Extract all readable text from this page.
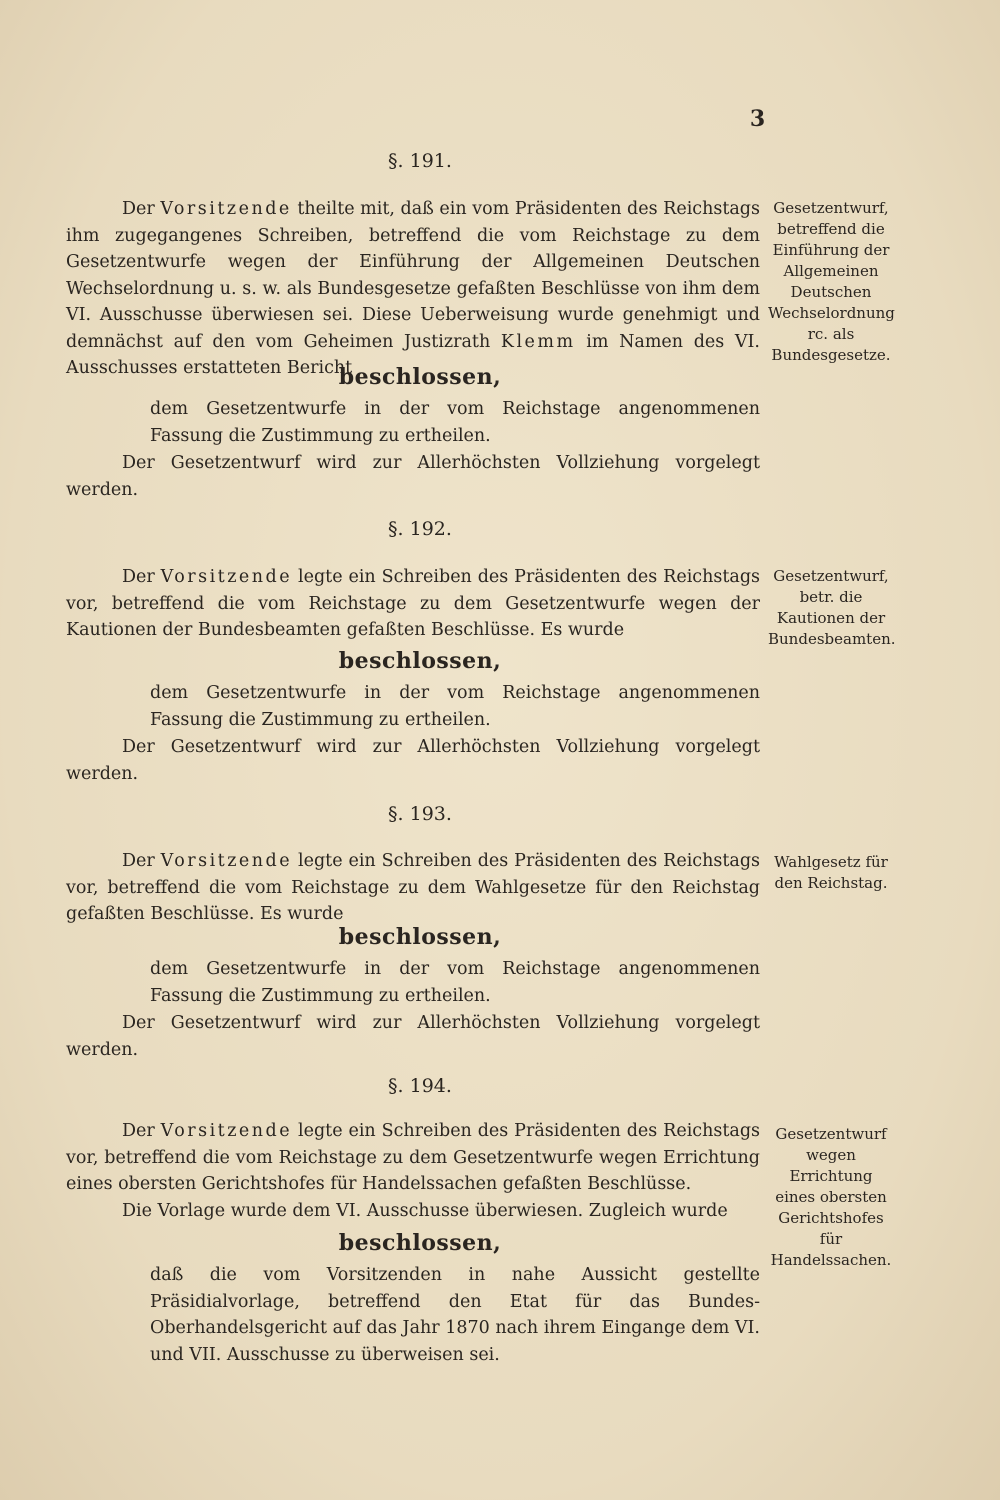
3
§. 191.

Der Vorsitzende theilte mit, daß ein vom Präsidenten des Reichstags ihm zugegangenes Schreiben, betreffend die vom Reichstage zu dem Gesetzentwurfe wegen der Einführung der Allgemeinen Deutschen Wechselordnung u. s. w. als Bundesgesetze gefaßten Beschlüsse von ihm dem VI. Ausschusse überwiesen sei. Diese Ueberweisung wurde genehmigt und demnächst auf den vom Geheimen Justizrath Klemm im Namen des VI. Ausschusses erstatteten Bericht

beschlossen,

dem Gesetzentwurfe in der vom Reichstage angenommenen Fassung die Zustimmung zu ertheilen.

Der Gesetzentwurf wird zur Allerhöchsten Vollziehung vorgelegt werden.

Gesetzentwurf, betreffend die Einführung der Allgemeinen Deutschen Wechselordnung rc. als Bundesgesetze.

§. 192.

Der Vorsitzende legte ein Schreiben des Präsidenten des Reichstags vor, betreffend die vom Reichstage zu dem Gesetzentwurfe wegen der Kautionen der Bundesbeamten gefaßten Beschlüsse. Es wurde

beschlossen,

dem Gesetzentwurfe in der vom Reichstage angenommenen Fassung die Zustimmung zu ertheilen.

Der Gesetzentwurf wird zur Allerhöchsten Vollziehung vorgelegt werden.

Gesetzentwurf, betr. die Kautionen der Bundesbeamten.

§. 193.

Der Vorsitzende legte ein Schreiben des Präsidenten des Reichstags vor, betreffend die vom Reichstage zu dem Wahlgesetze für den Reichstag gefaßten Beschlüsse. Es wurde

beschlossen,

dem Gesetzentwurfe in der vom Reichstage angenommenen Fassung die Zustimmung zu ertheilen.

Der Gesetzentwurf wird zur Allerhöchsten Vollziehung vorgelegt werden.

Wahlgesetz für den Reichstag.

§. 194.

Der Vorsitzende legte ein Schreiben des Präsidenten des Reichstags vor, betreffend die vom Reichstage zu dem Gesetzentwurfe wegen Errichtung eines obersten Gerichtshofes für Handelssachen gefaßten Beschlüsse.

Die Vorlage wurde dem VI. Ausschusse überwiesen. Zugleich wurde

beschlossen,

daß die vom Vorsitzenden in nahe Aussicht gestellte Präsidialvorlage, betreffend den Etat für das Bundes-Oberhandelsgericht auf das Jahr 1870 nach ihrem Eingange dem VI. und VII. Ausschusse zu überweisen sei.

Gesetzentwurf wegen Errichtung eines obersten Gerichtshofes für Handelssachen.
